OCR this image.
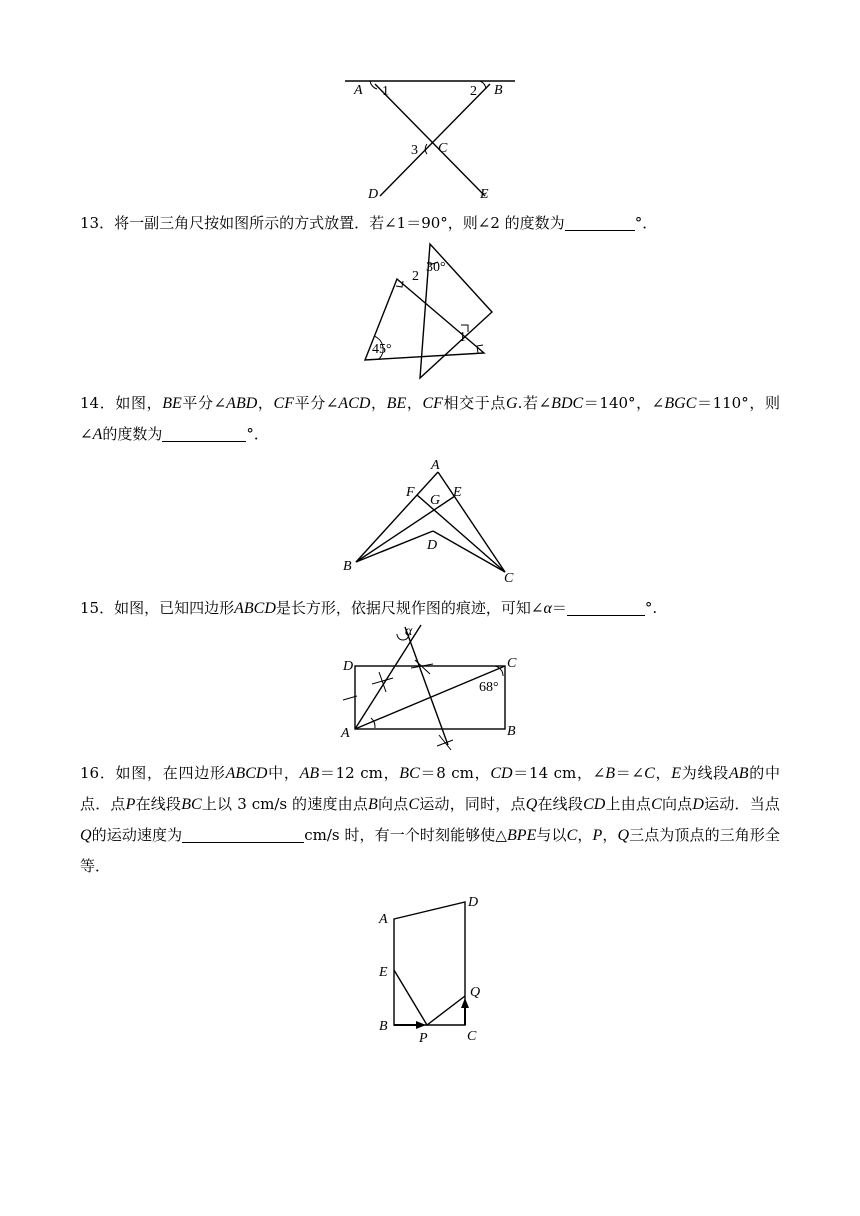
A 1	2 B
3 C
D	E
13．将一副三角尺按如图所示的方式放置．若∠1＝90°，则∠2 的度数为	°．
30°
2
45°
1
14．如图，BE平分∠ABD，CF平分∠ACD，BE，CF相交于点G.若∠BDC＝140°，∠BGC＝110°，则∠A的度数为	°．
A
F	E
G
D
B
C
15．如图，已知四边形ABCD是长方形，依据尺规作图的痕迹，可知∠α＝	°.
α
D	C
68°
A	B
16．如图，在四边形ABCD中，AB＝12 cm，BC＝8 cm，CD＝14 cm，∠B＝∠C，E为线段AB的中点．点P在线段BC上以 3 cm/s 的速度由点B向点C运动，同时，点Q在线段CD上由点C向点D运动．当点Q的运动速度为	cm/s 时，有一个时刻能够使△BPE与以C，P，Q三点为顶点的三角形全等．
A
D
E
Q
B
P	C
